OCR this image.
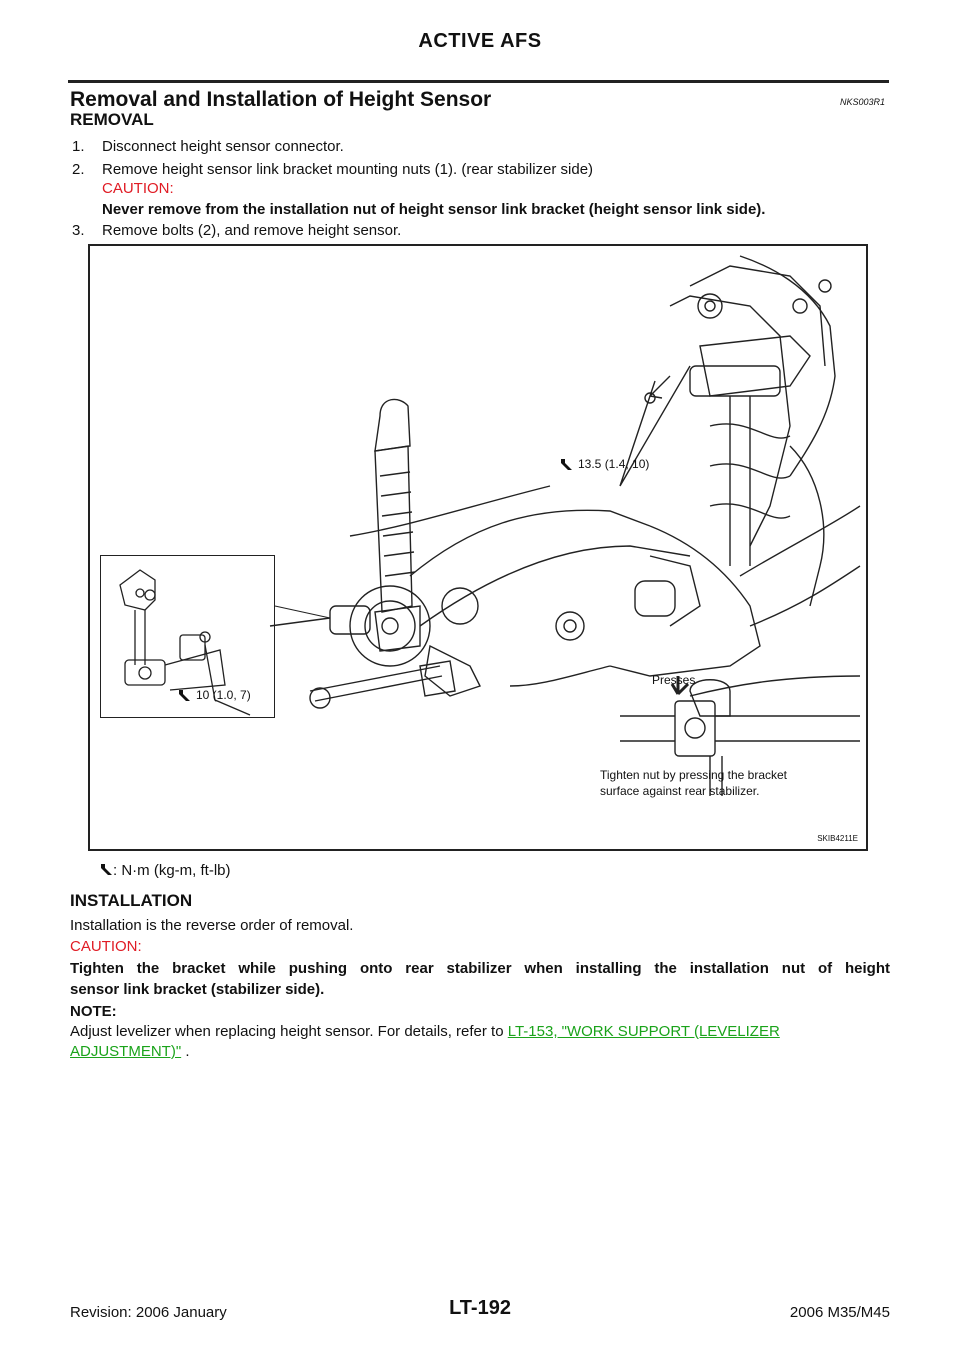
ACTIVE AFS
Removal and Installation of Height Sensor	NKS003R1
REMOVAL
1. Disconnect height sensor connector.
2. Remove height sensor link bracket mounting nuts (1). (rear stabilizer side)
CAUTION:
Never remove from the installation nut of height sensor link bracket (height sensor link side).
3. Remove bolts (2), and remove height sensor.
13.5 (1.4, 10)
10 (1.0, 7)
Presses
Tighten nut by pressing the bracket
surface against rear stabilizer.
SKIB4211E
: N·m (kg-m, ft-lb)
INSTALLATION
Installation is the reverse order of removal.
CAUTION:
Tighten the bracket while pushing onto rear stabilizer when installing the installation nut of height
sensor link bracket (stabilizer side).
NOTE:
Adjust levelizer when replacing height sensor. For details, refer to LT-153, "WORK SUPPORT (LEVELIZER
ADJUSTMENT)" .
Revision: 2006 January	LT-192	2006 M35/M45
